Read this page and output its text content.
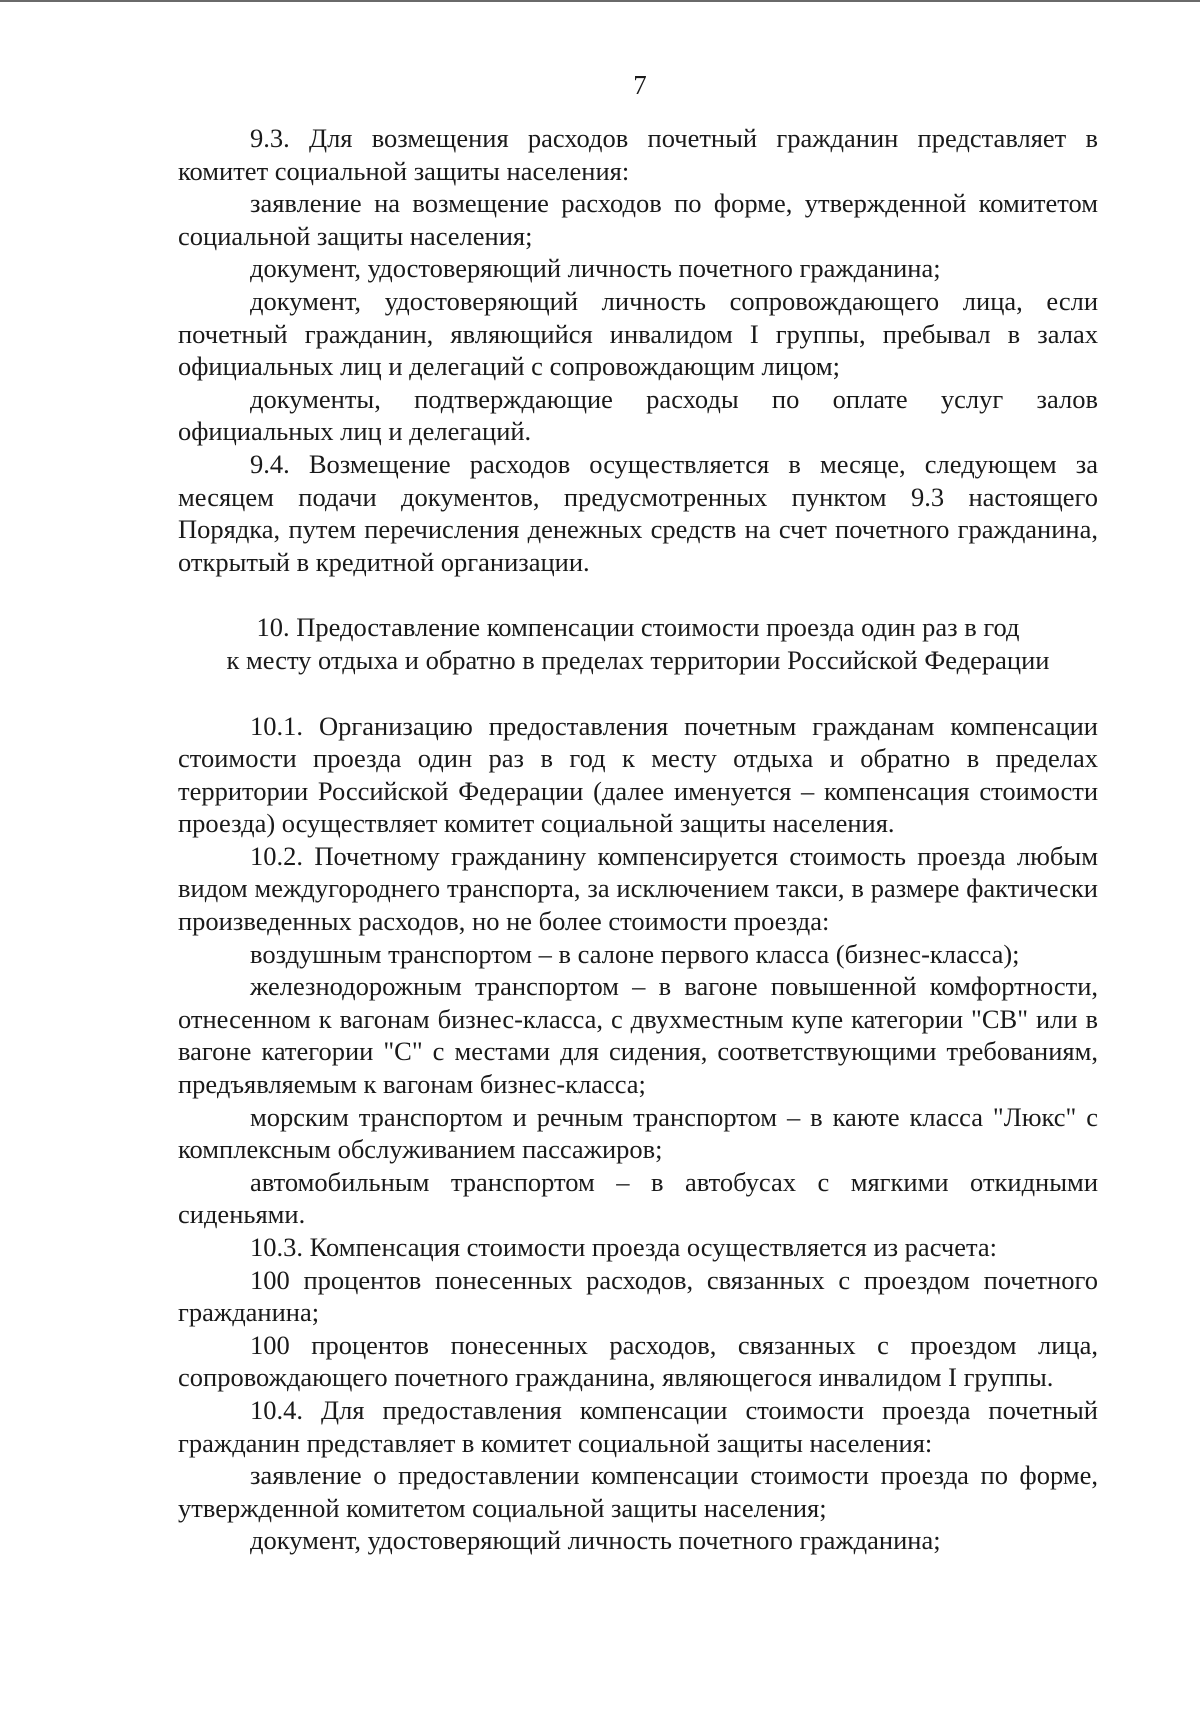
7

9.3. Для возмещения расходов почетный гражданин представляет в комитет социальной защиты населения:

заявление на возмещение расходов по форме, утвержденной комитетом социальной защиты населения;

документ, удостоверяющий личность почетного гражданина;

документ, удостоверяющий личность сопровождающего лица, если почетный гражданин, являющийся инвалидом I группы, пребывал в залах официальных лиц и делегаций с сопровождающим лицом;

документы, подтверждающие расходы по оплате услуг залов официальных лиц и делегаций.

9.4. Возмещение расходов осуществляется в месяце, следующем за месяцем подачи документов, предусмотренных пунктом 9.3 настоящего Порядка, путем перечисления денежных средств на счет почетного гражданина, открытый в кредитной организации.

10. Предоставление компенсации стоимости проезда один раз в год
к месту отдыха и обратно в пределах территории Российской Федерации

10.1. Организацию предоставления почетным гражданам компенсации стоимости проезда один раз в год к месту отдыха и обратно в пределах территории Российской Федерации (далее именуется – компенсация стоимости проезда) осуществляет комитет социальной защиты населения.

10.2. Почетному гражданину компенсируется стоимость проезда любым видом междугороднего транспорта, за исключением такси, в размере фактически произведенных расходов, но не более стоимости проезда:

воздушным транспортом – в салоне первого класса (бизнес-класса);

железнодорожным транспортом – в вагоне повышенной комфортности, отнесенном к вагонам бизнес-класса, с двухместным купе категории "СВ" или в вагоне категории "С" с местами для сидения, соответствующими требованиям, предъявляемым к вагонам бизнес-класса;

морским транспортом и речным транспортом – в каюте класса "Люкс" с комплексным обслуживанием пассажиров;

автомобильным транспортом – в автобусах с мягкими откидными сиденьями.

10.3. Компенсация стоимости проезда осуществляется из расчета:

100 процентов понесенных расходов, связанных с проездом почетного гражданина;

100 процентов понесенных расходов, связанных с проездом лица, сопровождающего почетного гражданина, являющегося инвалидом I группы.

10.4. Для предоставления компенсации стоимости проезда почетный гражданин представляет в комитет социальной защиты населения:

заявление о предоставлении компенсации стоимости проезда по форме, утвержденной комитетом социальной защиты населения;

документ, удостоверяющий личность почетного гражданина;
